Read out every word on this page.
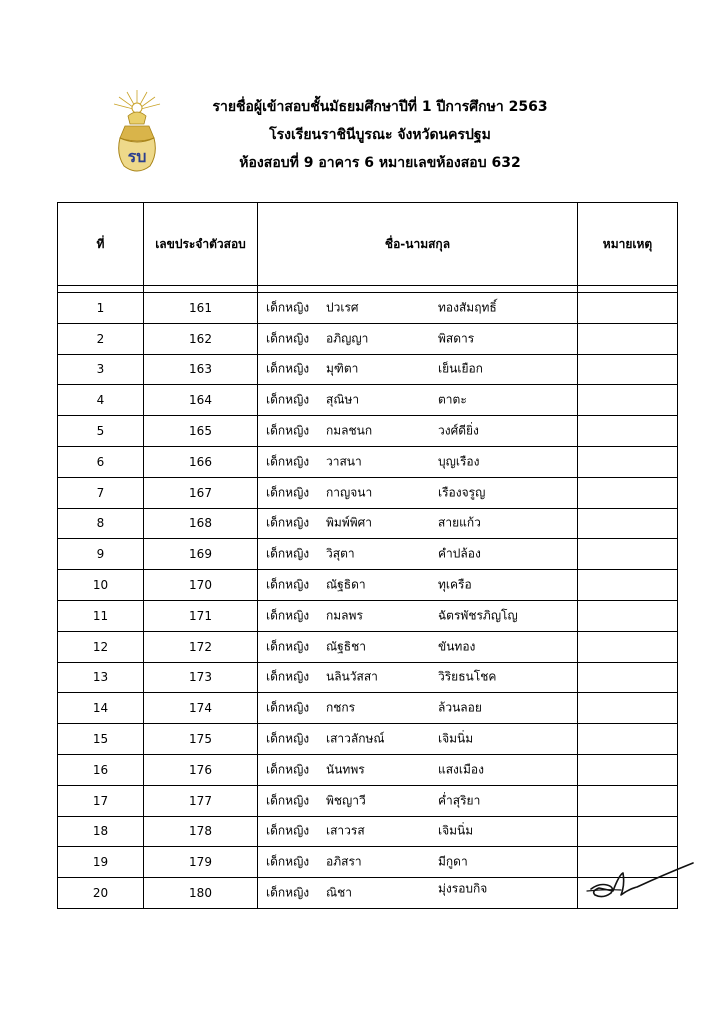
รบ
รายชื่อผู้เข้าสอบชั้นมัธยมศึกษาปีที่ 1 ปีการศึกษา 2563
โรงเรียนราชินีบูรณะ จังหวัดนครปฐม
ห้องสอบที่ 9 อาคาร 6 หมายเลขห้องสอบ 632
ที่	เลขประจำตัวสอบ	ชื่อ-นามสกุล	หมายเหตุ

1	161	เด็กหญิง ปวเรศ ทองสัมฤทธิ์	

2	162	เด็กหญิง อภิญญา พิสดาร	

3	163	เด็กหญิง มุฑิตา เย็นเยือก	

4	164	เด็กหญิง สุณิษา ตาตะ	

5	165	เด็กหญิง กมลชนก วงศ์ดียิ่ง	

6	166	เด็กหญิง วาสนา บุญเรือง	

7	167	เด็กหญิง กาญจนา เรืองจรูญ	

8	168	เด็กหญิง พิมพ์พิศา สายแก้ว	

9	169	เด็กหญิง วิสุตา คำปล้อง	

10	170	เด็กหญิง ณัฐธิดา ทุเครือ	

11	171	เด็กหญิง กมลพร ฉัตรพัชรภิญโญ	

12	172	เด็กหญิง ณัฐธิชา ขันทอง	

13	173	เด็กหญิง นลินวัสสา วิริยธนโชค	

14	174	เด็กหญิง กชกร ล้วนลอย	

15	175	เด็กหญิง เสาวลักษณ์ เจิมนิ่ม	

16	176	เด็กหญิง นันทพร แสงเมือง	

17	177	เด็กหญิง พิชญาวี ค่ำสุริยา	

18	178	เด็กหญิง เสาวรส เจิมนิ่ม	

19	179	เด็กหญิง อภิสรา มีกูดา	

20	180	เด็กหญิง ณิชา มุ่งรอบกิจ	
